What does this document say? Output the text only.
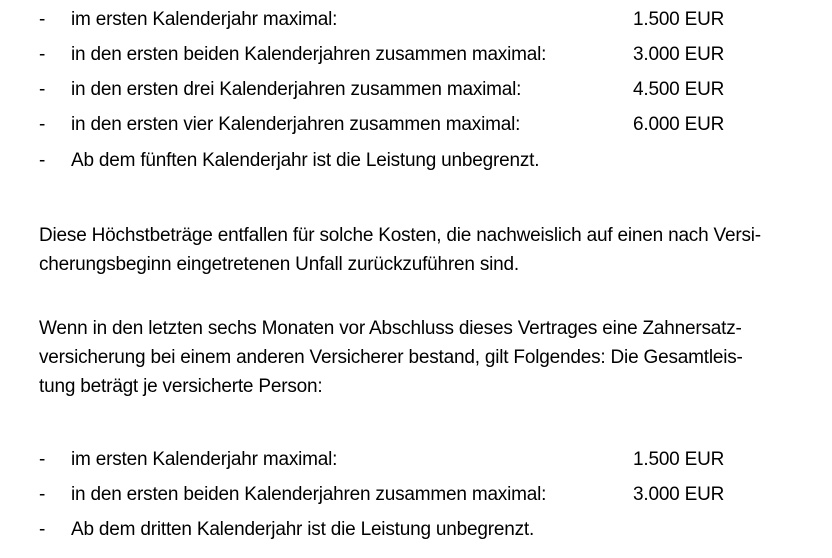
- im ersten Kalenderjahr maximal:	1.500 EUR
- in den ersten beiden Kalenderjahren zusammen maximal:	3.000 EUR
- in den ersten drei Kalenderjahren zusammen maximal:	4.500 EUR
- in den ersten vier Kalenderjahren zusammen maximal:	6.000 EUR
- Ab dem fünften Kalenderjahr ist die Leistung unbegrenzt.
Diese Höchstbeträge entfallen für solche Kosten, die nachweislich auf einen nach Versi-
cherungsbeginn eingetretenen Unfall zurückzuführen sind.
Wenn in den letzten sechs Monaten vor Abschluss dieses Vertrages eine Zahnersatz-
versicherung bei einem anderen Versicherer bestand, gilt Folgendes: Die Gesamtleis-
tung beträgt je versicherte Person:
- im ersten Kalenderjahr maximal:	1.500 EUR
- in den ersten beiden Kalenderjahren zusammen maximal:	3.000 EUR
- Ab dem dritten Kalenderjahr ist die Leistung unbegrenzt.
